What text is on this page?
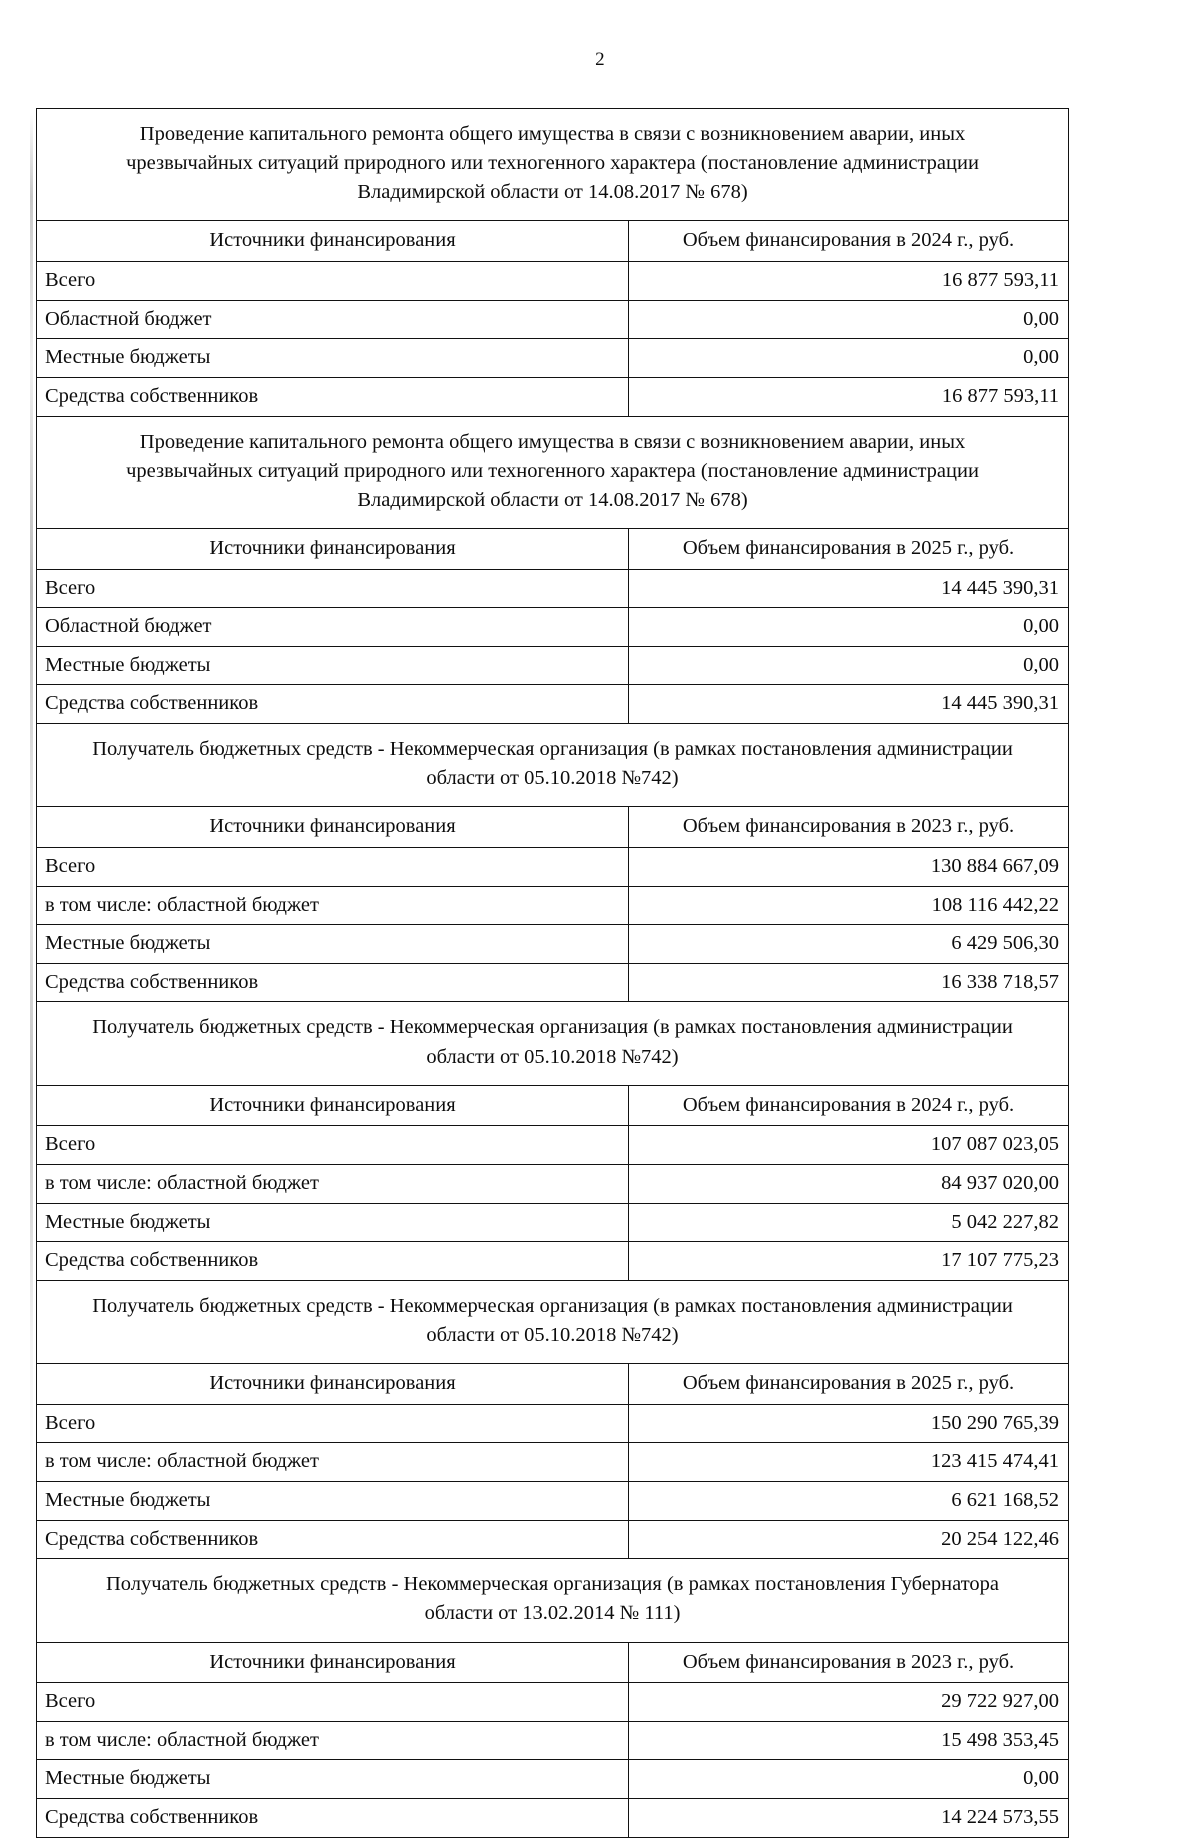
2
Проведение капитального ремонта общего имущества в связи с возникновением аварии, иных
чрезвычайных ситуаций природного или техногенного характера (постановление администрации
Владимирской области от 14.08.2017 № 678)	

Источники финансирования	Объем финансирования в 2024 г., руб.
Всего	16 877 593,11
Областной бюджет	0,00
Местные бюджеты	0,00
Средства собственников	16 877 593,11

Проведение капитального ремонта общего имущества в связи с возникновением аварии, иных
чрезвычайных ситуаций природного или техногенного характера (постановление администрации
Владимирской области от 14.08.2017 № 678)	

Источники финансирования	Объем финансирования в 2025 г., руб.
Всего	14 445 390,31
Областной бюджет	0,00
Местные бюджеты	0,00
Средства собственников	14 445 390,31

Получатель бюджетных средств - Некоммерческая организация (в рамках постановления администрации
области от 05.10.2018 №742)	

Источники финансирования	Объем финансирования в 2023 г., руб.
Всего	130 884 667,09
в том числе: областной бюджет	108 116 442,22
Местные бюджеты	6 429 506,30
Средства собственников	16 338 718,57

Получатель бюджетных средств - Некоммерческая организация (в рамках постановления администрации
области от 05.10.2018 №742)	

Источники финансирования	Объем финансирования в 2024 г., руб.
Всего	107 087 023,05
в том числе: областной бюджет	84 937 020,00
Местные бюджеты	5 042 227,82
Средства собственников	17 107 775,23

Получатель бюджетных средств - Некоммерческая организация (в рамках постановления администрации
области от 05.10.2018 №742)	

Источники финансирования	Объем финансирования в 2025 г., руб.
Всего	150 290 765,39
в том числе: областной бюджет	123 415 474,41
Местные бюджеты	6 621 168,52
Средства собственников	20 254 122,46

Получатель бюджетных средств - Некоммерческая организация (в рамках постановления Губернатора
области от 13.02.2014 № 111)	

Источники финансирования	Объем финансирования в 2023 г., руб.
Всего	29 722 927,00
в том числе: областной бюджет	15 498 353,45
Местные бюджеты	0,00
Средства собственников	14 224 573,55
